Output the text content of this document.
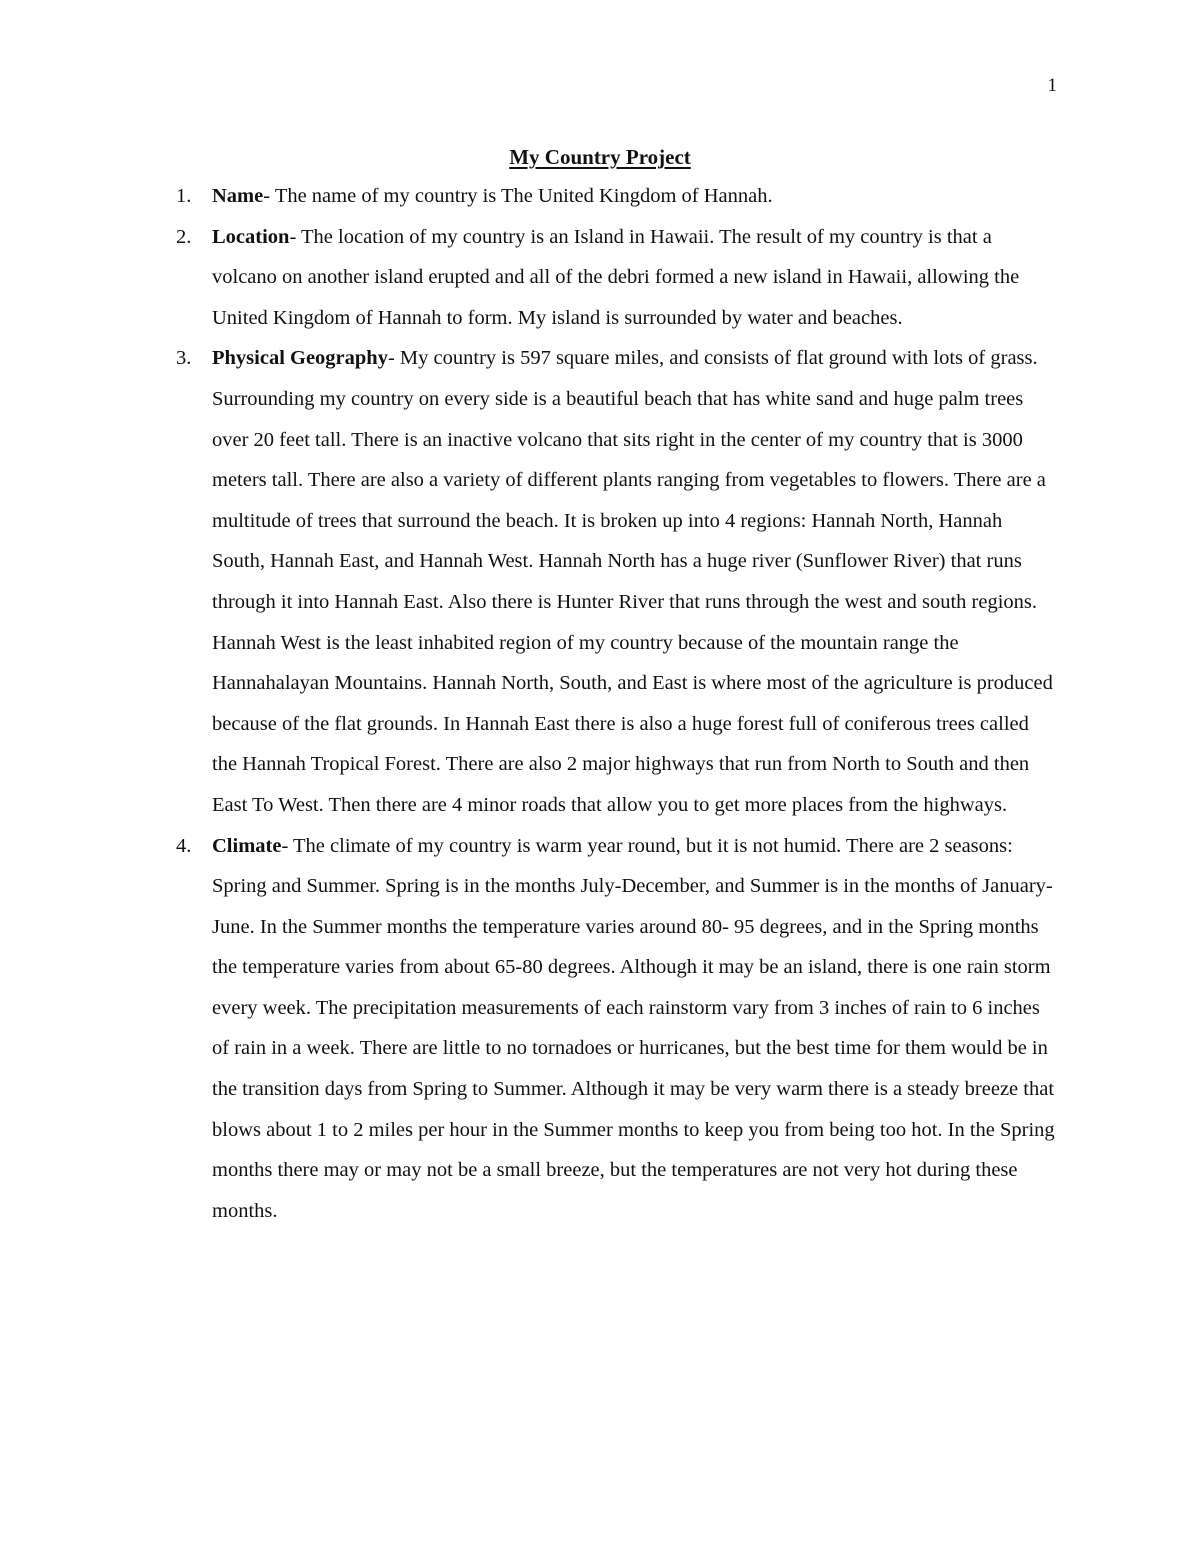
1
My Country Project
1. Name- The name of my country is The United Kingdom of Hannah.
2. Location- The location of my country is an Island in Hawaii. The result of my country is that a volcano on another island erupted and all of the debri formed a new island in Hawaii, allowing the United Kingdom of Hannah to form. My island is surrounded by water and beaches.
3. Physical Geography- My country is 597 square miles, and consists of flat ground with lots of grass. Surrounding my country on every side is a beautiful beach that has white sand and huge palm trees over 20 feet tall. There is an inactive volcano that sits right in the center of my country that is 3000 meters tall. There are also a variety of different plants ranging from vegetables to flowers. There are a multitude of trees that surround the beach. It is broken up into 4 regions: Hannah North, Hannah South, Hannah East, and Hannah West. Hannah North has a huge river (Sunflower River) that runs through it into Hannah East. Also there is Hunter River that runs through the west and south regions. Hannah West is the least inhabited region of my country because of the mountain range the Hannahalayan Mountains. Hannah North, South, and East is where most of the agriculture is produced because of the flat grounds. In Hannah East there is also a huge forest full of coniferous trees called the Hannah Tropical Forest. There are also 2 major highways that run from North to South and then East To West. Then there are 4 minor roads that allow you to get more places from the highways.
4. Climate- The climate of my country is warm year round, but it is not humid. There are 2 seasons: Spring and Summer. Spring is in the months July-December, and Summer is in the months of January- June. In the Summer months the temperature varies around 80- 95 degrees, and in the Spring months the temperature varies from about 65-80 degrees. Although it may be an island, there is one rain storm every week. The precipitation measurements of each rainstorm vary from 3 inches of rain to 6 inches of rain in a week. There are little to no tornadoes or hurricanes, but the best time for them would be in the transition days from Spring to Summer. Although it may be very warm there is a steady breeze that blows about 1 to 2 miles per hour in the Summer months to keep you from being too hot. In the Spring months there may or may not be a small breeze, but the temperatures are not very hot during these months.
